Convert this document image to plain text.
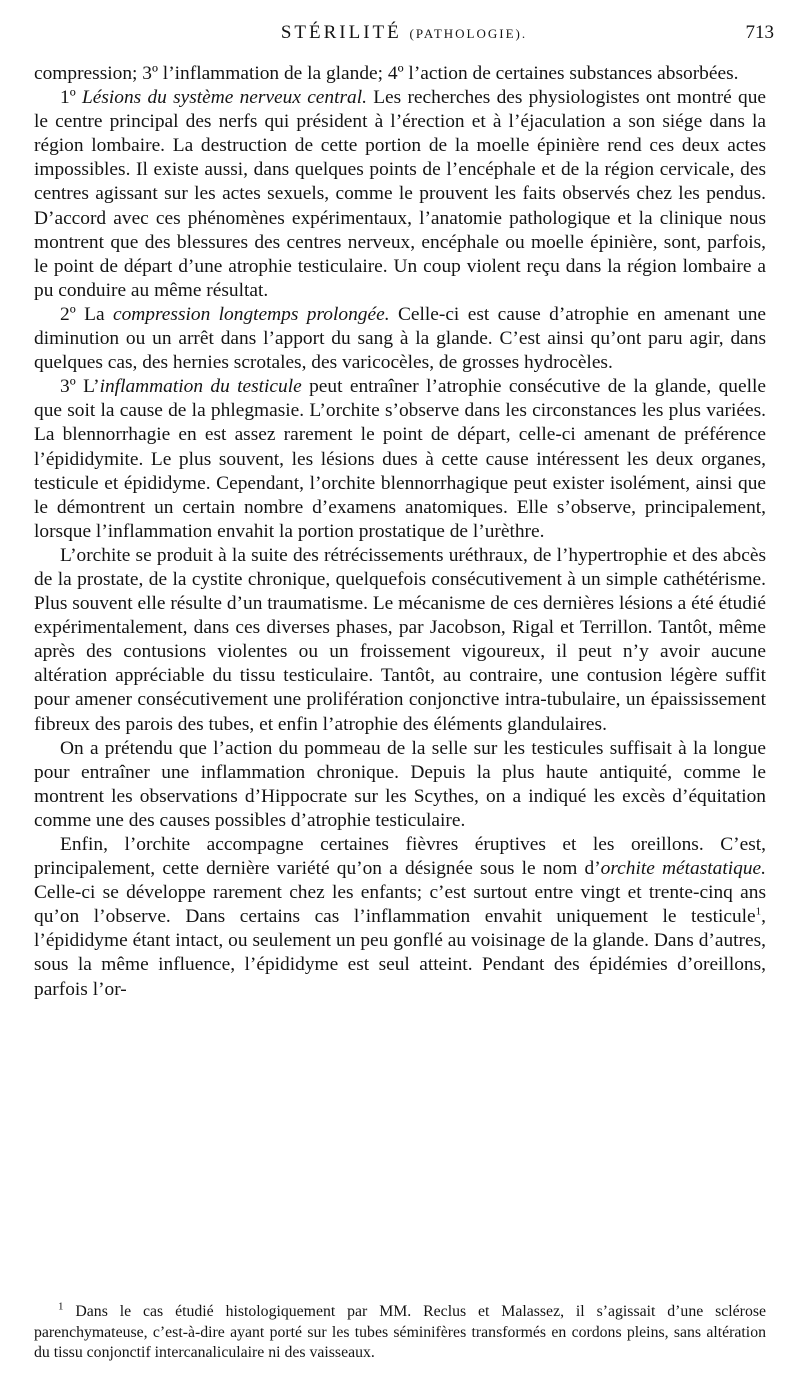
STÉRILITÉ (PATHOLOGIE).	713

compression; 3º l’inflammation de la glande; 4º l’action de certaines substances absorbées.

1º Lésions du système nerveux central. Les recherches des physiologistes ont montré que le centre principal des nerfs qui président à l’érection et à l’éjaculation a son siége dans la région lombaire. La destruction de cette portion de la moelle épinière rend ces deux actes impossibles. Il existe aussi, dans quelques points de l’encéphale et de la région cervicale, des centres agissant sur les actes sexuels, comme le prouvent les faits observés chez les pendus. D’accord avec ces phénomènes expérimentaux, l’anatomie pathologique et la clinique nous montrent que des blessures des centres nerveux, encéphale ou moelle épinière, sont, parfois, le point de départ d’une atrophie testiculaire. Un coup violent reçu dans la région lombaire a pu conduire au même résultat.

2º La compression longtemps prolongée. Celle-ci est cause d’atrophie en amenant une diminution ou un arrêt dans l’apport du sang à la glande. C’est ainsi qu’ont paru agir, dans quelques cas, des hernies scrotales, des varicocèles, de grosses hydrocèles.

3º L’inflammation du testicule peut entraîner l’atrophie consécutive de la glande, quelle que soit la cause de la phlegmasie. L’orchite s’observe dans les circonstances les plus variées. La blennorrhagie en est assez rarement le point de départ, celle-ci amenant de préférence l’épididymite. Le plus souvent, les lésions dues à cette cause intéressent les deux organes, testicule et épididyme. Cependant, l’orchite blennorrhagique peut exister isolément, ainsi que le démontrent un certain nombre d’examens anatomiques. Elle s’observe, principalement, lorsque l’inflammation envahit la portion prostatique de l’urèthre.

L’orchite se produit à la suite des rétrécissements uréthraux, de l’hypertrophie et des abcès de la prostate, de la cystite chronique, quelquefois consécutivement à un simple cathétérisme. Plus souvent elle résulte d’un traumatisme. Le mécanisme de ces dernières lésions a été étudié expérimentalement, dans ces diverses phases, par Jacobson, Rigal et Terrillon. Tantôt, même après des contusions violentes ou un froissement vigoureux, il peut n’y avoir aucune altération appréciable du tissu testiculaire. Tantôt, au contraire, une contusion légère suffit pour amener consécutivement une prolifération conjonctive intra-tubulaire, un épaississement fibreux des parois des tubes, et enfin l’atrophie des éléments glandulaires.

On a prétendu que l’action du pommeau de la selle sur les testicules suffisait à la longue pour entraîner une inflammation chronique. Depuis la plus haute antiquité, comme le montrent les observations d’Hippocrate sur les Scythes, on a indiqué les excès d’équitation comme une des causes possibles d’atrophie testiculaire.

Enfin, l’orchite accompagne certaines fièvres éruptives et les oreillons. C’est, principalement, cette dernière variété qu’on a désignée sous le nom d’orchite métastatique. Celle-ci se développe rarement chez les enfants; c’est surtout entre vingt et trente-cinq ans qu’on l’observe. Dans certains cas l’inflammation envahit uniquement le testicule$^1$, l’épididyme étant intact, ou seulement un peu gonflé au voisinage de la glande. Dans d’autres, sous la même influence, l’épididyme est seul atteint. Pendant des épidémies d’oreillons, parfois l’or-

$^1$ Dans le cas étudié histologiquement par MM. Reclus et Malassez, il s’agissait d’une sclérose parenchymateuse, c’est-à-dire ayant porté sur les tubes séminifères transformés en cordons pleins, sans altération du tissu conjonctif intercanaliculaire ni des vaisseaux.
